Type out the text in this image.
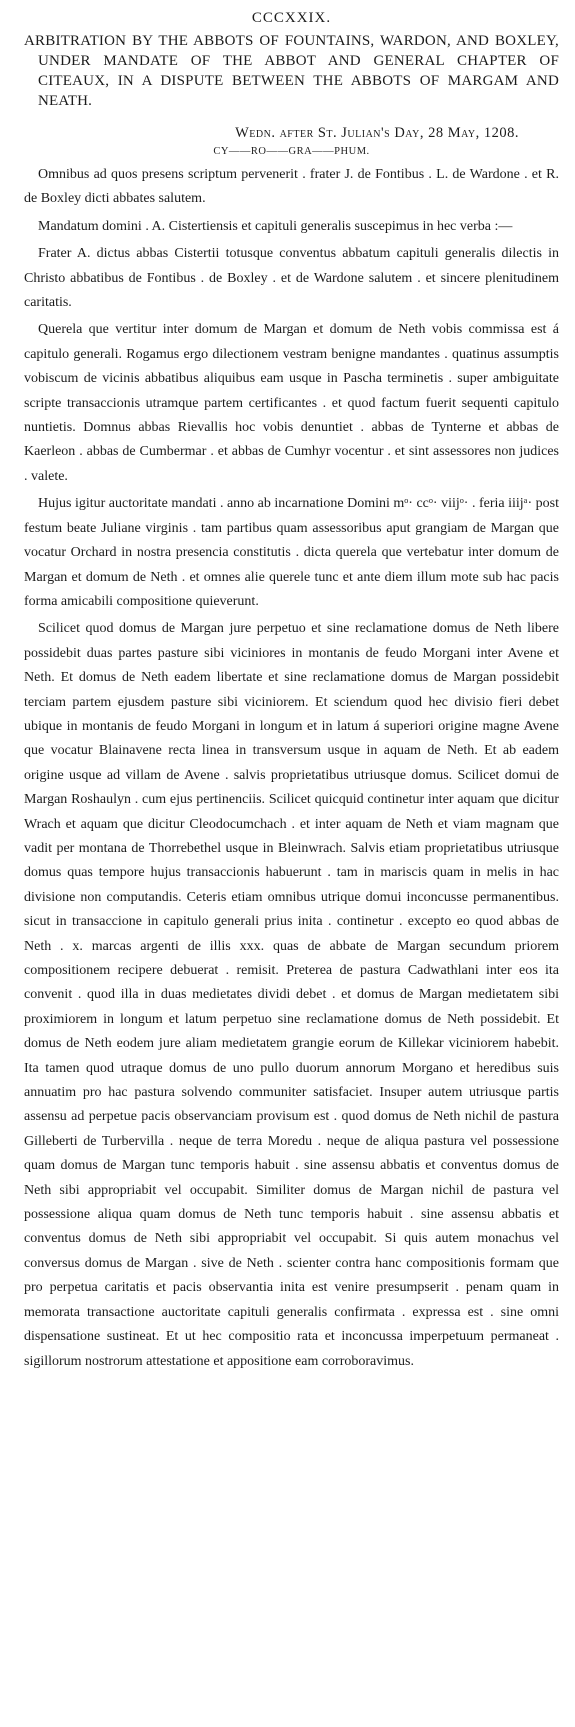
CCCXXIX.
ARBITRATION BY THE ABBOTS OF FOUNTAINS, WARDON, AND BOXLEY, UNDER MANDATE OF THE ABBOT AND GENERAL CHAPTER OF CITEAUX, IN A DISPUTE BETWEEN THE ABBOTS OF MARGAM AND NEATH.
Wedn. after St. Julian's Day, 28 May, 1208.
CY——RO——GRA——PHUM.

Omnibus ad quos presens scriptum pervenerit . frater J. de Fontibus . L. de Wardone . et R. de Boxley dicti abbates salutem.

Mandatum domini . A. Cistertiensis et capituli generalis suscepimus in hec verba :—

Frater A. dictus abbas Cistertii totusque conventus abbatum capituli generalis dilectis in Christo abbatibus de Fontibus . de Boxley . et de Wardone salutem . et sincere plenitudinem caritatis.

Querela que vertitur inter domum de Margan et domum de Neth vobis commissa est á capitulo generali. Rogamus ergo dilectionem vestram benigne mandantes . quatinus assumptis vobiscum de vicinis abbatibus aliquibus eam usque in Pascha terminetis . super ambiguitate scripte transaccionis utramque partem certificantes . et quod factum fuerit sequenti capitulo nuntietis. Domnus abbas Rievallis hoc vobis denuntiet . abbas de Tynterne et abbas de Kaerleon . abbas de Cumbermar . et abbas de Cumhyr vocentur . et sint assessores non judices . valete.

Hujus igitur auctoritate mandati . anno ab incarnatione Domini mᵒ· ccᵒ· viijᵒ· . feria iiijᵃ· post festum beate Juliane virginis . tam partibus quam assessoribus aput grangiam de Margan que vocatur Orchard in nostra presencia constitutis . dicta querela que vertebatur inter domum de Margan et domum de Neth . et omnes alie querele tunc et ante diem illum mote sub hac pacis forma amicabili compositione quieverunt.

Scilicet quod domus de Margan jure perpetuo et sine reclamatione domus de Neth libere possidebit duas partes pasture sibi viciniores in montanis de feudo Morgani inter Avene et Neth. Et domus de Neth eadem libertate et sine reclamatione domus de Margan possidebit terciam partem ejusdem pasture sibi viciniorem. Et sciendum quod hec divisio fieri debet ubique in montanis de feudo Morgani in longum et in latum á superiori origine magne Avene que vocatur Blainavene recta linea in transversum usque in aquam de Neth. Et ab eadem origine usque ad villam de Avene . salvis proprietatibus utriusque domus. Scilicet domui de Margan Roshaulyn . cum ejus pertinenciis. Scilicet quicquid continetur inter aquam que dicitur Wrach et aquam que dicitur Cleodocumchach . et inter aquam de Neth et viam magnam que vadit per montana de Thorrebethel usque in Bleinwrach. Salvis etiam proprietatibus utriusque domus quas tempore hujus transaccionis habuerunt . tam in mariscis quam in melis in hac divisione non computandis. Ceteris etiam omnibus utrique domui inconcusse permanentibus. sicut in transaccione in capitulo generali prius inita . continetur . excepto eo quod abbas de Neth . x. marcas argenti de illis xxx. quas de abbate de Margan secundum priorem compositionem recipere debuerat . remisit. Preterea de pastura Cadwathlani inter eos ita convenit . quod illa in duas medietates dividi debet . et domus de Margan medietatem sibi proximiorem in longum et latum perpetuo sine reclamatione domus de Neth possidebit. Et domus de Neth eodem jure aliam medietatem grangie eorum de Killekar viciniorem habebit. Ita tamen quod utraque domus de uno pullo duorum annorum Morgano et heredibus suis annuatim pro hac pastura solvendo communiter satisfaciet. Insuper autem utriusque partis assensu ad perpetue pacis observanciam provisum est . quod domus de Neth nichil de pastura Gilleberti de Turbervilla . neque de terra Moredu . neque de aliqua pastura vel possessione quam domus de Margan tunc temporis habuit . sine assensu abbatis et conventus domus de Neth sibi appropriabit vel occupabit. Similiter domus de Margan nichil de pastura vel possessione aliqua quam domus de Neth tunc temporis habuit . sine assensu abbatis et conventus domus de Neth sibi appropriabit vel occupabit. Si quis autem monachus vel conversus domus de Margan . sive de Neth . scienter contra hanc compositionis formam que pro perpetua caritatis et pacis observantia inita est venire presumpserit . penam quam in memorata transactione auctoritate capituli generalis confirmata . expressa est . sine omni dispensatione sustineat. Et ut hec compositio rata et inconcussa imperpetuum permaneat . sigillorum nostrorum attestatione et appositione eam corroboravimus.
